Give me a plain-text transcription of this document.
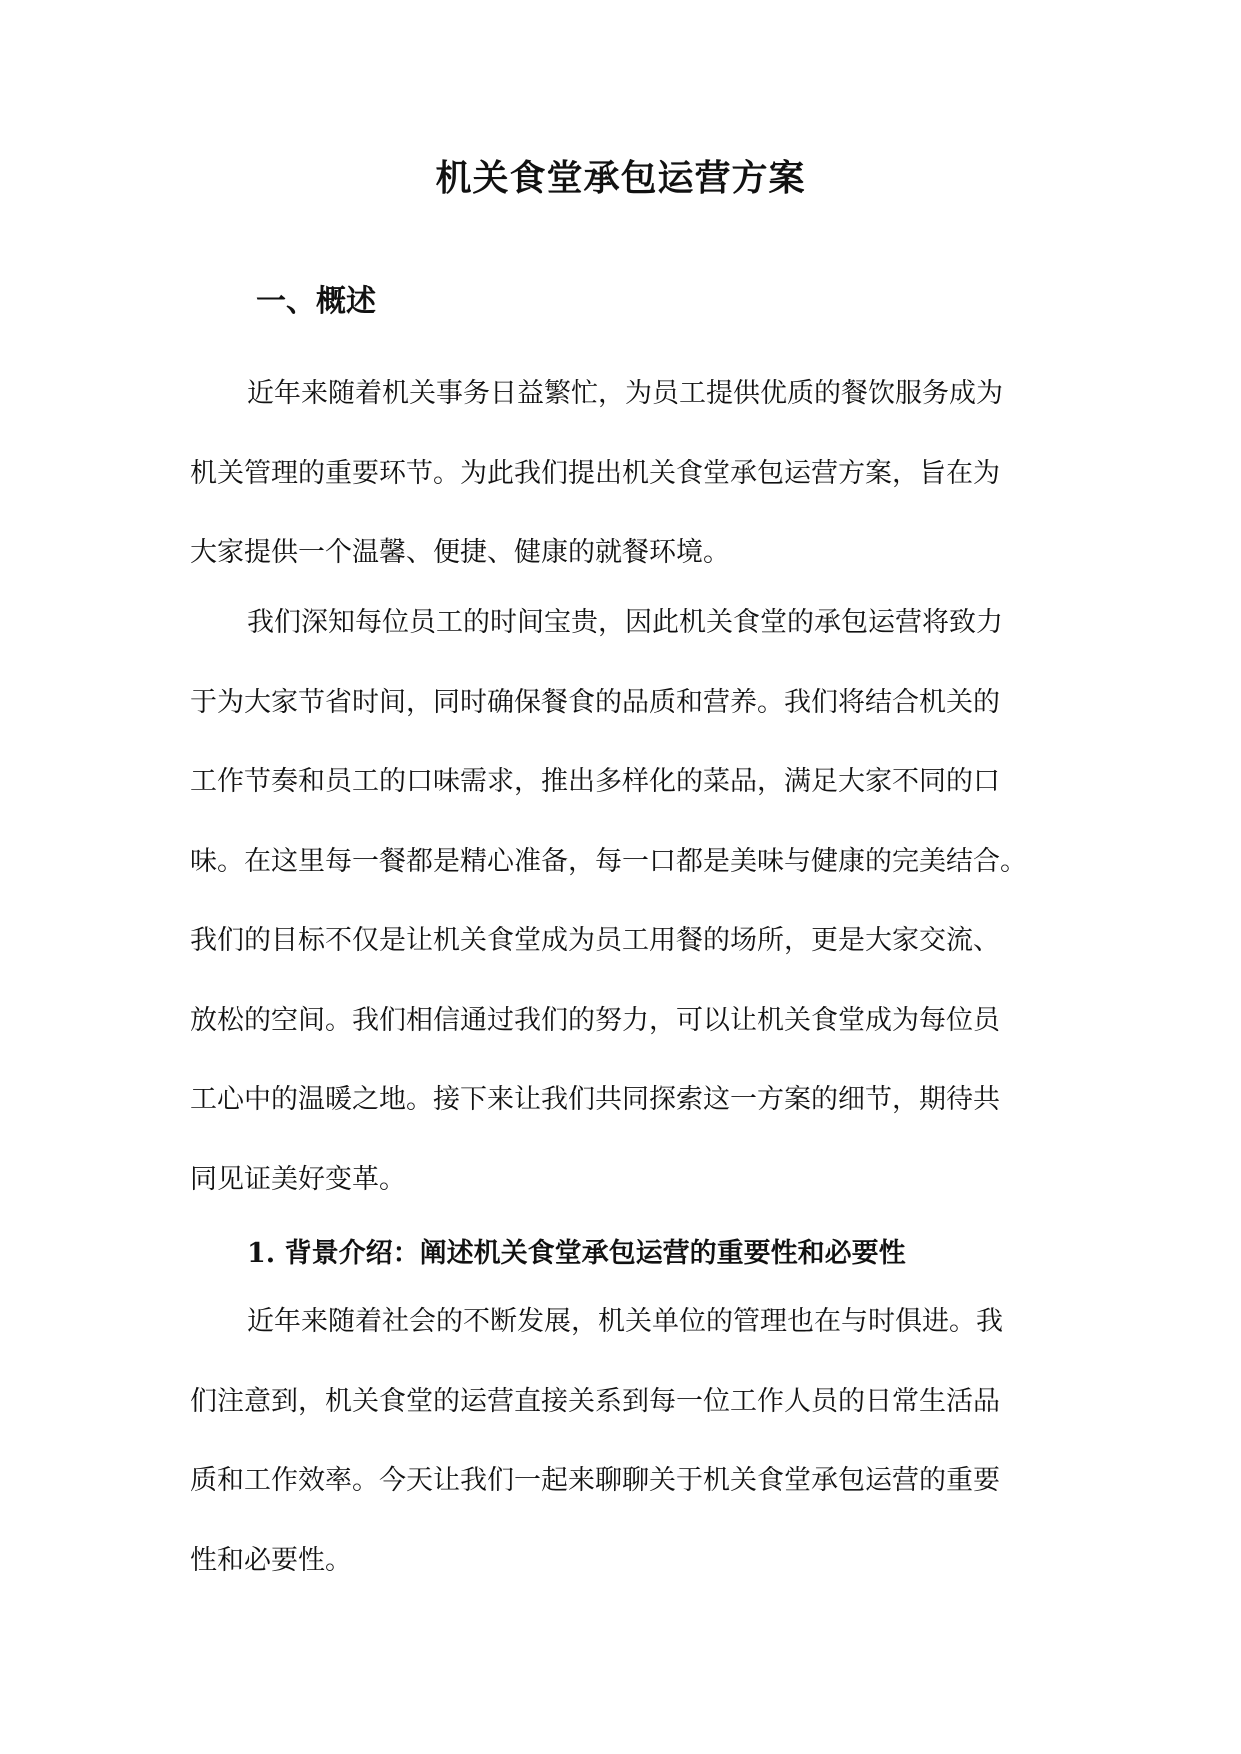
机关食堂承包运营方案
一、概述

近年来随着机关事务日益繁忙，为员工提供优质的餐饮服务成为
机关管理的重要环节。为此我们提出机关食堂承包运营方案，旨在为
大家提供一个温馨、便捷、健康的就餐环境。

我们深知每位员工的时间宝贵，因此机关食堂的承包运营将致力
于为大家节省时间，同时确保餐食的品质和营养。我们将结合机关的
工作节奏和员工的口味需求，推出多样化的菜品，满足大家不同的口
味。在这里每一餐都是精心准备，每一口都是美味与健康的完美结合。
我们的目标不仅是让机关食堂成为员工用餐的场所，更是大家交流、
放松的空间。我们相信通过我们的努力，可以让机关食堂成为每位员
工心中的温暖之地。接下来让我们共同探索这一方案的细节，期待共
同见证美好变革。

1. 背景介绍：阐述机关食堂承包运营的重要性和必要性

近年来随着社会的不断发展，机关单位的管理也在与时俱进。我
们注意到，机关食堂的运营直接关系到每一位工作人员的日常生活品
质和工作效率。今天让我们一起来聊聊关于机关食堂承包运营的重要
性和必要性。
